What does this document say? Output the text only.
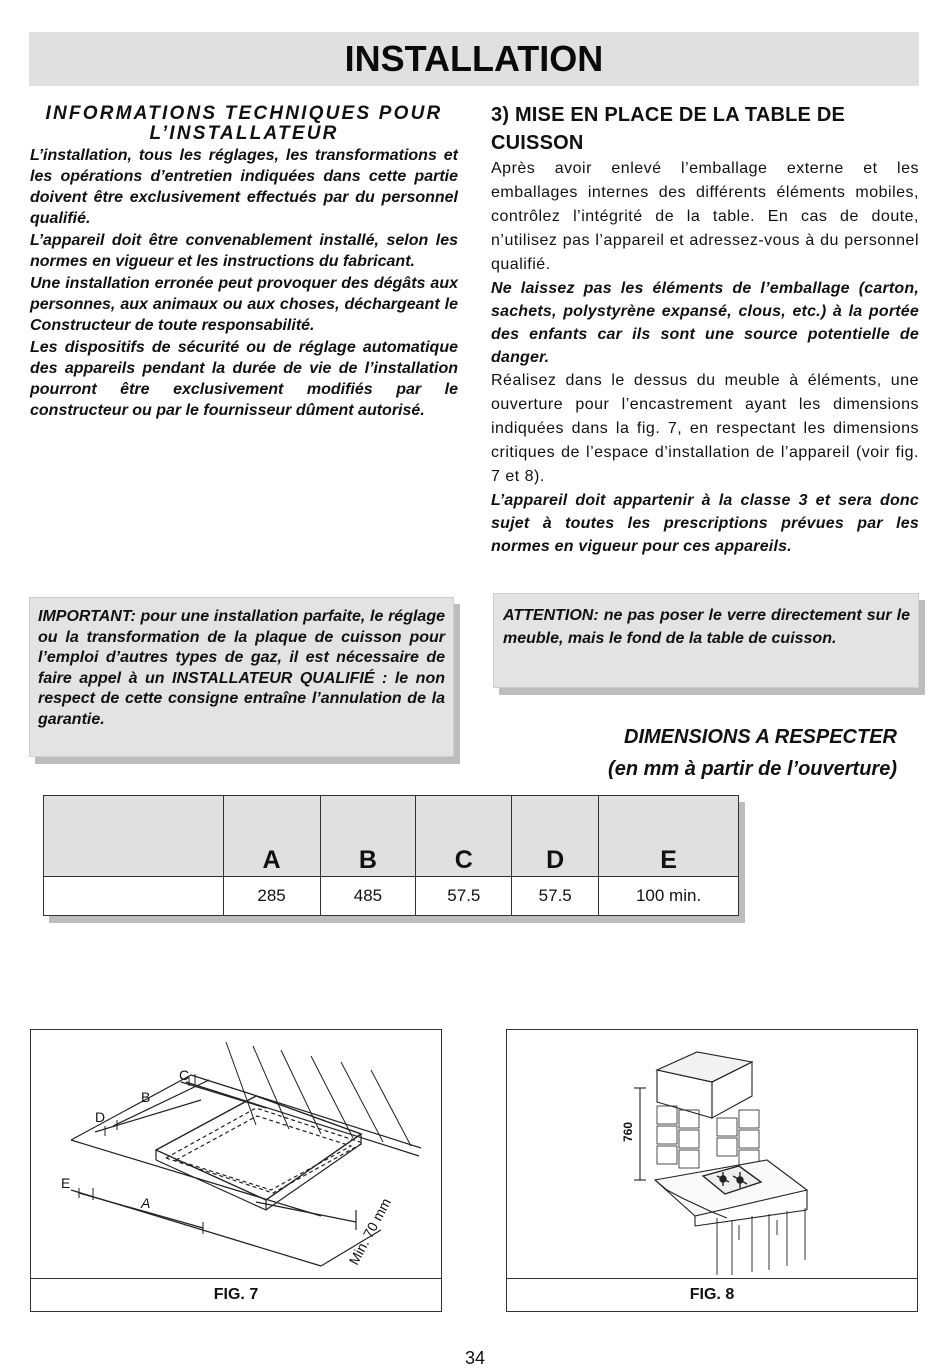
INSTALLATION
INFORMATIONS TECHNIQUES POUR L’INSTALLATEUR

L’installation, tous les réglages, les transformations et les opérations d’entretien indiquées dans cette partie doivent être exclusivement effectués par du personnel qualifié.

L’appareil doit être convenablement installé, selon les normes en vigueur et les instructions du fabricant.

Une installation erronée peut provoquer des dégâts aux personnes, aux animaux ou aux choses, déchargeant le Constructeur de toute responsabilité.

Les dispositifs de sécurité ou de réglage automatique des appareils pendant la durée de vie de l’installation pourront être exclusivement modifiés par le constructeur ou par le fournisseur dûment autorisé.

3) MISE EN PLACE DE LA TABLE DE CUISSON

Après avoir enlevé l’emballage externe et les emballages internes des différents éléments mobiles, contrôlez l’intégrité de la table. En cas de doute, n’utilisez pas l’appareil et adressez-vous à du personnel qualifié.

Ne laissez pas les éléments de l’emballage (carton, sachets, polystyrène expansé, clous, etc.) à la portée des enfants car ils sont une source potentielle de danger.

Réalisez dans le dessus du meuble à éléments, une ouverture pour l’encastrement ayant les dimensions indiquées dans la fig. 7, en respectant les dimensions critiques de l’espace d’installation de l’appareil (voir fig. 7 et 8).

L’appareil doit appartenir à la classe 3 et sera donc sujet à toutes les prescriptions prévues par les normes en vigueur pour ces appareils.

IMPORTANT: pour une installation parfaite, le réglage ou la transformation de la plaque de cuisson pour l’emploi d’autres types de gaz, il est nécessaire de faire appel à un INSTALLATEUR QUALIFIÉ : le non respect de cette consigne entraîne l’annulation de la garantie.

ATTENTION: ne pas poser le verre directement sur le meuble, mais le fond de la table de cuisson.

DIMENSIONS A RESPECTER
(en mm à partir de l’ouverture)
	A	B	C	D	E
	285	485	57.5	57.5	100 min.
A
B
C
D
E
Min. 70 mm
FIG. 7
760
FIG. 8
34
